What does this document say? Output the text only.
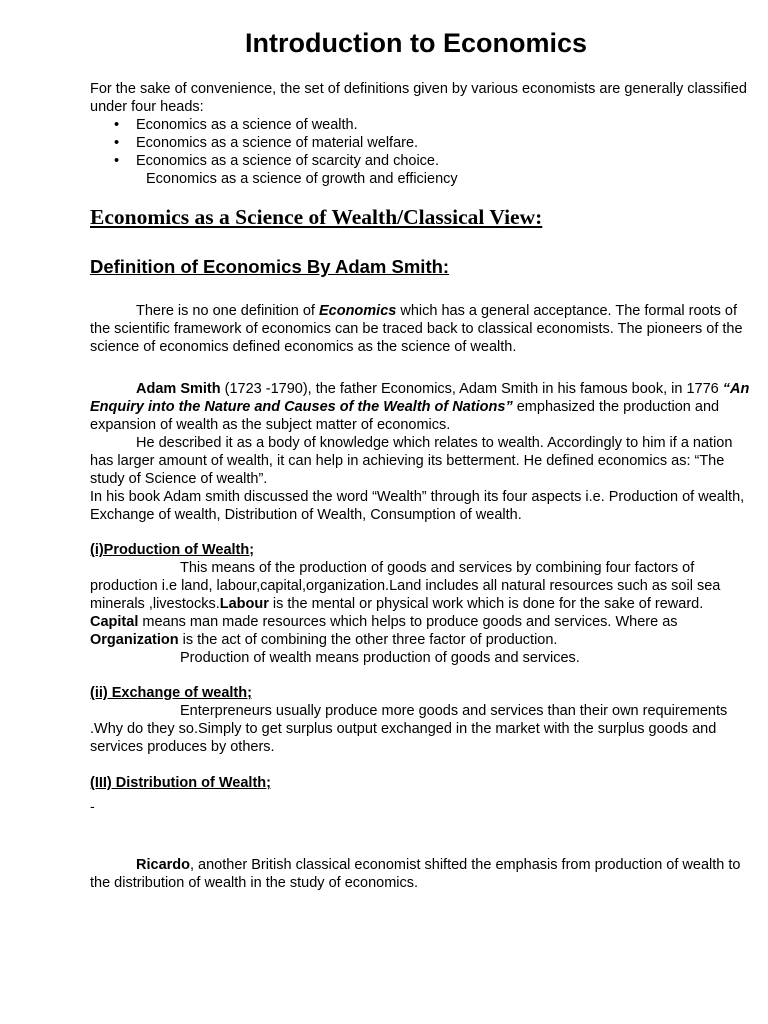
Introduction to Economics

For the sake of convenience, the set of definitions given by various economists are generally classified under four heads:

• Economics as a science of wealth.
• Economics as a science of material welfare.
• Economics as a science of scarcity and choice.

Economics as a science of growth and efficiency

Economics as a Science of Wealth/Classical View:
Definition of Economics By Adam Smith:

There is no one definition of Economics which has a general acceptance. The formal roots of the scientific framework of economics can be traced back to classical economists. The pioneers of the science of economics defined economics as the science of wealth.

Adam Smith (1723 -1790), the father Economics, Adam Smith in his famous book, in 1776 “An Enquiry into the Nature and Causes of the Wealth of Nations” emphasized the production and expansion of wealth as the subject matter of economics.

He described it as a body of knowledge which relates to wealth. Accordingly to him if a nation has larger amount of wealth, it can help in achieving its betterment. He defined economics as: “The study of Science of wealth”.

In his book Adam smith discussed the word “Wealth” through its four aspects i.e. Production of wealth, Exchange of wealth, Distribution of Wealth, Consumption of wealth.

(i)Production of Wealth;

This means of the production of goods and services by combining four factors of production i.e land, labour,capital,organization.Land includes all natural resources such as soil sea minerals ,livestocks.Labour is the mental or physical work which is done for the sake of reward. Capital means man made resources which helps to produce goods and services. Where as Organization is the act of combining the other three factor of production.

Production of wealth means production of goods and services.

(ii) Exchange of wealth;

Enterpreneurs usually produce more goods and services than their own requirements .Why do they so.Simply to get surplus output exchanged in the market with the surplus goods and services produces by others.

(III) Distribution of Wealth;

-

Ricardo, another British classical economist shifted the emphasis from production of wealth to the distribution of wealth in the study of economics.
